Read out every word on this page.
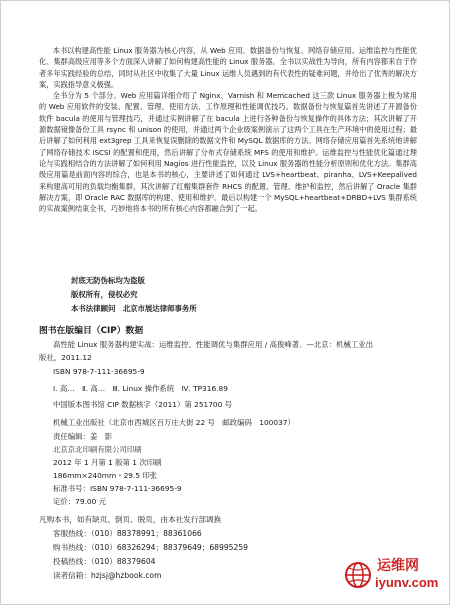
本书以构建高性能 Linux 服务器为核心内容，从 Web 应用、数据备份与恢复、网络存储应用、运维监控与性能优化、集群高级应用等多个方面深入讲解了如何构建高性能的 Linux 服务器。全书以实战性为导向，所有内容都来自于作者多年实践经验的总结，同时从社区中收集了大量 Linux 运维人员遇到的有代表性的疑难问题，并给出了优秀的解决方案，实践指导意义极强。

全书分为 5 个部分。Web 应用篇详细介绍了 Nginx、Varnish 和 Memcached 这三款 Linux 服务器上极为常用的 Web 应用软件的安装、配置、管理、使用方法、工作原理和性能调优技巧。数据备份与恢复篇首先讲述了开源备份软件 bacula 的使用与管理技巧，并通过实例讲解了在 bacula 上进行各种备份与恢复操作的具体方法；其次讲解了开源数据镜像备份工具 rsync 和 unison 的使用，并通过两个企业级案例演示了这两个工具在生产环境中的使用过程；最后讲解了如何利用 ext3grep 工具来恢复误删除的数据文件和 MySQL 数据库的方法。网络存储应用篇首先系统地讲解了网络存储技术 iSCSI 的配置和使用，然后讲解了分布式存储系统 MFS 的使用和维护。运维监控与性能优化篇通过理论与实践相结合的方法讲解了如何利用 Nagios 进行性能监控，以及 Linux 服务器的性能分析原则和优化方法。集群高级应用篇是前面内容的综合，也是本书的核心，主要讲述了如何通过 LVS+heartbeat、piranha、LVS+Keepalived 来构建高可用的负载均衡集群，其次讲解了红帽集群套件 RHCS 的配置、管理、维护和监控，然后讲解了 Oracle 集群解决方案，即 Oracle RAC 数据库的构建、使用和维护。最后以构建一个 MySQL+heartbeat+DRBD+LVS 集群系统的实战案例结束全书，巧妙地将本书的所有核心内容都融合到了一起。

封底无防伪标均为盗版
版权所有，侵权必究
本书法律顾问　北京市展达律师事务所
图书在版编目（CIP）数据
高性能 Linux 服务器构建实战：运维监控、性能调优与集群应用 / 高俊峰著．—北京：机械工业出
版社，2011.12
ISBN 978-7-111-36695-9
Ⅰ. 高…　Ⅱ. 高…　Ⅲ. Linux 操作系统　Ⅳ. TP316.89
中国版本图书馆 CIP 数据核字（2011）第 251700 号
机械工业出版社（北京市西城区百万庄大街 22 号　邮政编码　100037）
责任编辑：姜　影
北京京北印刷有限公司印刷
2012 年 1 月第 1 版第 1 次印刷
186mm×240mm・29.5 印张
标准书号：ISBN 978-7-111-36695-9
定价：79.00 元
凡购本书，如有缺页、倒页、脱页，由本社发行部调换
客服热线：（010）88378991；88361066
购书热线：（010）68326294；88379649；68995259
投稿热线：（010）88379604
读者信箱：hzjsj@hzbook.com
运维网
iyunv.com
